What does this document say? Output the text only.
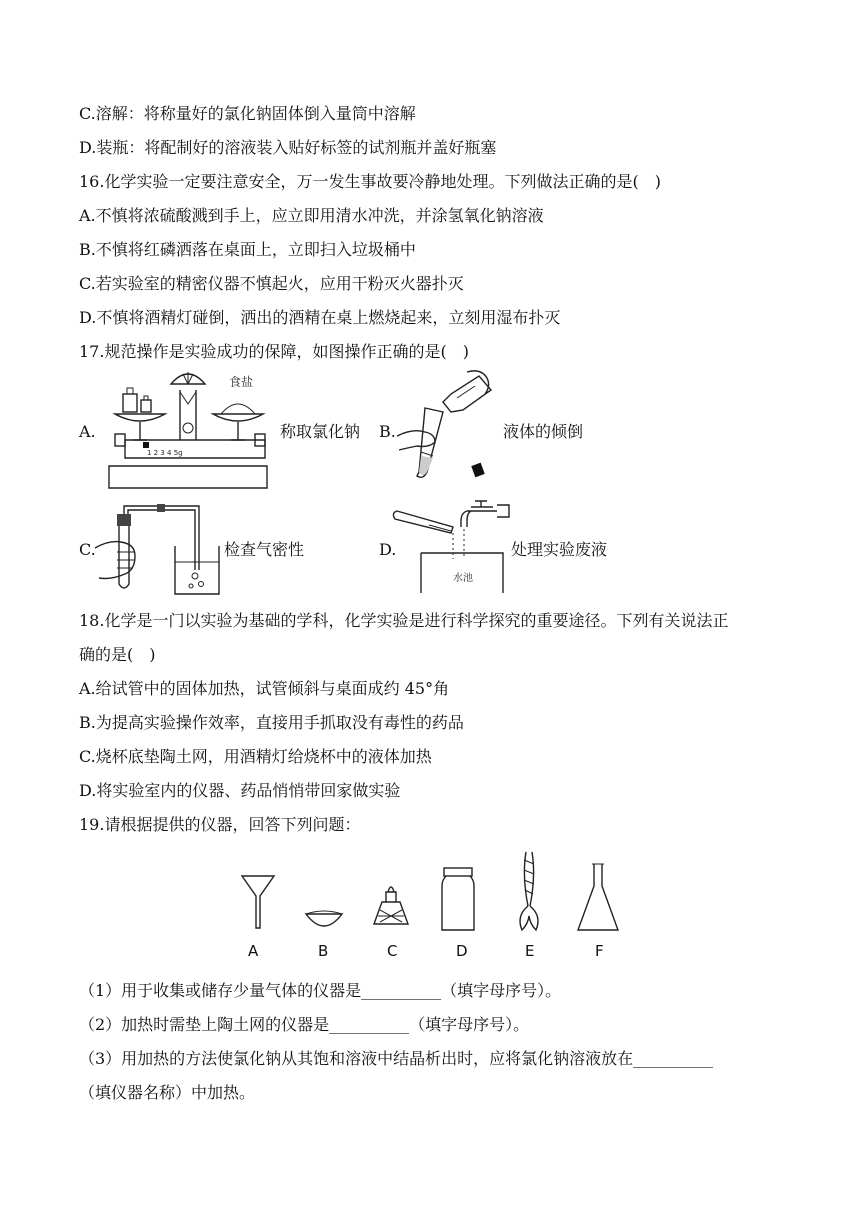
C.溶解：将称量好的氯化钠固体倒入量筒中溶解
D.装瓶：将配制好的溶液装入贴好标签的试剂瓶并盖好瓶塞
16.化学实验一定要注意安全，万一发生事故要冷静地处理。下列做法正确的是(　)
A.不慎将浓硫酸溅到手上，应立即用清水冲洗，并涂氢氧化钠溶液
B.不慎将红磷洒落在桌面上，立即扫入垃圾桶中
C.若实验室的精密仪器不慎起火，应用干粉灭火器扑灭
D.不慎将酒精灯碰倒，洒出的酒精在桌上燃烧起来，立刻用湿布扑灭
17.规范操作是实验成功的保障，如图操作正确的是(　)
A.
1 2 3 4 5g
食盐
称取氯化钠 B.	液体的倾倒
C.	检查气密性	D.
水池
处理实验废液
18.化学是一门以实验为基础的学科，化学实验是进行科学探究的重要途径。下列有关说法正
确的是(　)
A.给试管中的固体加热，试管倾斜与桌面成约 45°角
B.为提高实验操作效率，直接用手抓取没有毒性的药品
C.烧杯底垫陶土网，用酒精灯给烧杯中的液体加热
D.将实验室内的仪器、药品悄悄带回家做实验
19.请根据提供的仪器，回答下列问题：
A	B	C	D	E	F
（1）用于收集或储存少量气体的仪器是__________（填字母序号）。
（2）加热时需垫上陶土网的仪器是__________（填字母序号）。
（3）用加热的方法使氯化钠从其饱和溶液中结晶析出时，应将氯化钠溶液放在__________
（填仪器名称）中加热。
